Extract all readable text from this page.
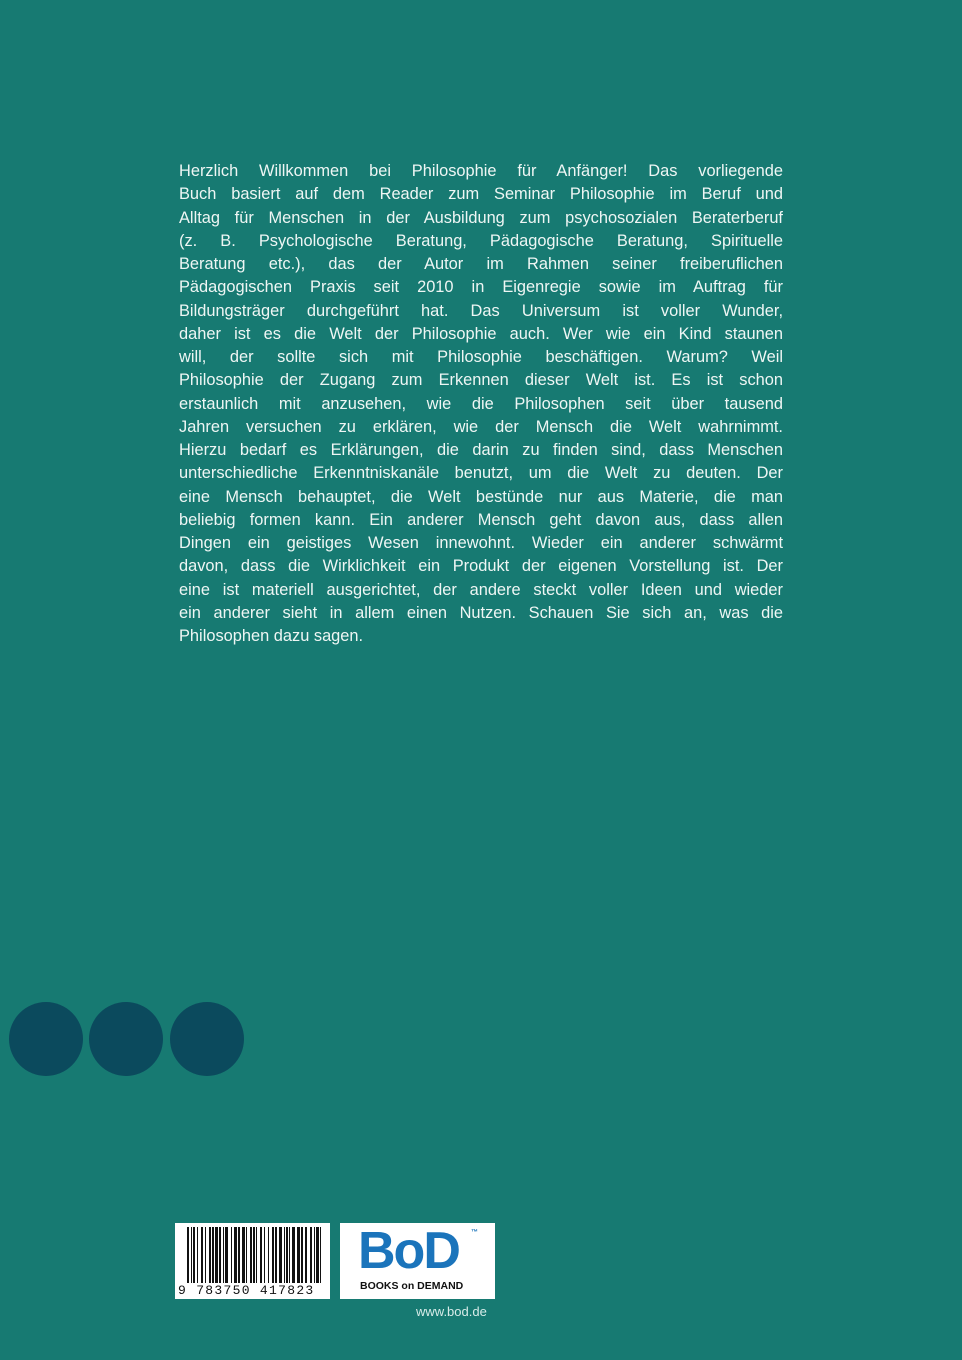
Herzlich Willkommen bei Philosophie für Anfänger! Das vorliegende
Buch basiert auf dem Reader zum Seminar Philosophie im Beruf und
Alltag für Menschen in der Ausbildung zum psychosozialen Beraterberuf
(z. B. Psychologische Beratung, Pädagogische Beratung, Spirituelle
Beratung etc.), das der Autor im Rahmen seiner freiberuflichen
Pädagogischen Praxis seit 2010 in Eigenregie sowie im Auftrag für
Bildungsträger durchgeführt hat. Das Universum ist voller Wunder,
daher ist es die Welt der Philosophie auch. Wer wie ein Kind staunen
will, der sollte sich mit Philosophie beschäftigen. Warum? Weil
Philosophie der Zugang zum Erkennen dieser Welt ist. Es ist schon
erstaunlich mit anzusehen, wie die Philosophen seit über tausend
Jahren versuchen zu erklären, wie der Mensch die Welt wahrnimmt.
Hierzu bedarf es Erklärungen, die darin zu finden sind, dass Menschen
unterschiedliche Erkenntniskanäle benutzt, um die Welt zu deuten. Der
eine Mensch behauptet, die Welt bestünde nur aus Materie, die man
beliebig formen kann. Ein anderer Mensch geht davon aus, dass allen
Dingen ein geistiges Wesen innewohnt. Wieder ein anderer schwärmt
davon, dass die Wirklichkeit ein Produkt der eigenen Vorstellung ist. Der
eine ist materiell ausgerichtet, der andere steckt voller Ideen und wieder
ein anderer sieht in allem einen Nutzen. Schauen Sie sich an, was die
Philosophen dazu sagen.
9 783750 417823
BoD ™
BOOKS on DEMAND
www.bod.de
